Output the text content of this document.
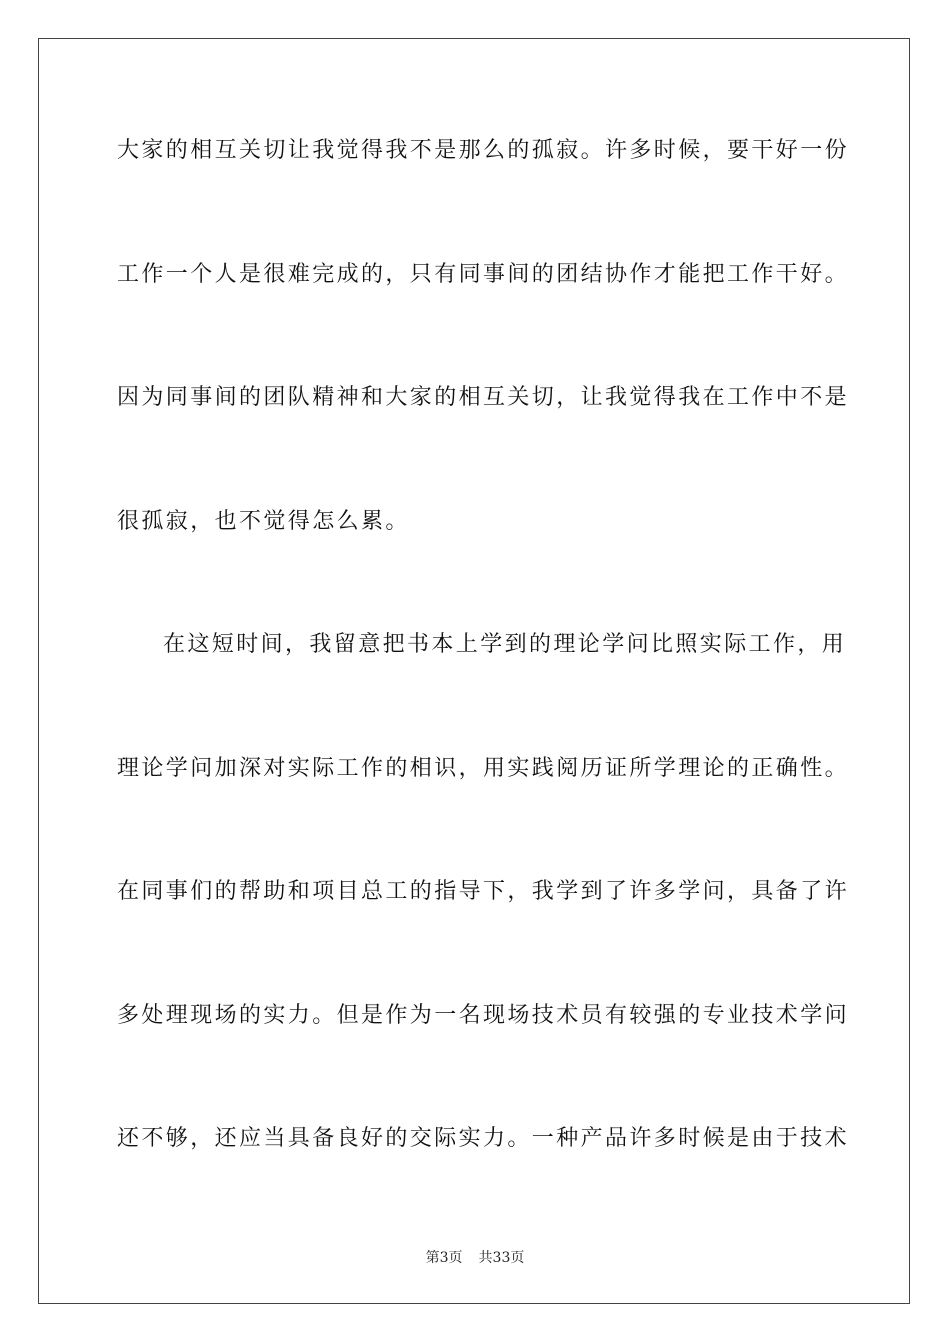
大家的相互关切让我觉得我不是那么的孤寂。许多时候，要干好一份
工作一个人是很难完成的，只有同事间的团结协作才能把工作干好。
因为同事间的团队精神和大家的相互关切，让我觉得我在工作中不是
很孤寂，也不觉得怎么累。
在这短时间，我留意把书本上学到的理论学问比照实际工作，用
理论学问加深对实际工作的相识，用实践阅历证所学理论的正确性。
在同事们的帮助和项目总工的指导下，我学到了许多学问，具备了许
多处理现场的实力。但是作为一名现场技术员有较强的专业技术学问
还不够，还应当具备良好的交际实力。一种产品许多时候是由于技术
第3页 共33页
